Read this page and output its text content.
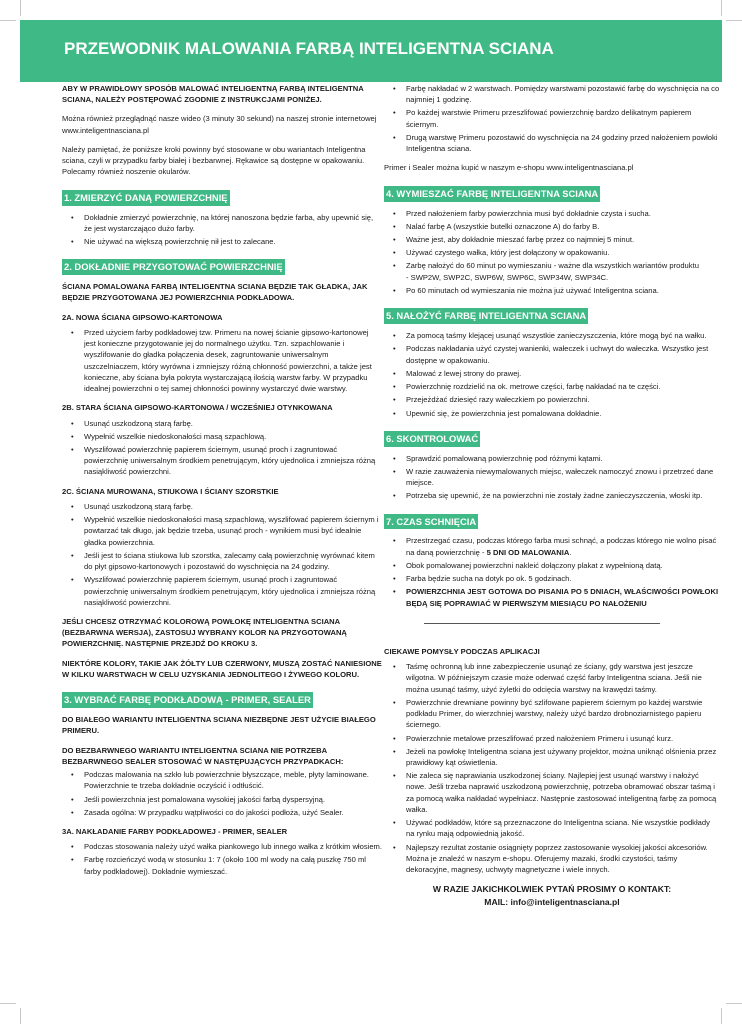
PRZEWODNIK MALOWANIA FARBĄ INTELIGENTNA SCIANA

ABY W PRAWIDŁOWY SPOSÓB MALOWAĆ INTELIGENTNĄ FARBĄ INTELIGENTNA SCIANA, NALEŻY POSTĘPOWAĆ ZGODNIE Z INSTRUKCJAMI PONIŻEJ.

Można również przeglądnąć nasze wideo (3 minuty 30 sekund) na naszej stronie internetowej www.inteligentnasciana.pl

Należy pamiętać, że poniższe kroki powinny być stosowane w obu wariantach Inteligentna sciana, czyli w przypadku farby białej i bezbarwnej. Rękawice są dostępne w opakowaniu. Polecamy również noszenie okularów.

1. ZMIERZYĆ DANĄ POWIERZCHNIĘ
• Dokładnie zmierzyć powierzchnię, na której nanoszona będzie farba, aby upewnić się, że jest wystarczająco dużo farby.
• Nie używać na większą powierzchnię nił jest to zalecane.
2. DOKŁADNIE PRZYGOTOWAĆ POWIERZCHNIĘ

ŚCIANA POMALOWANA FARBĄ INTELIGENTNA SCIANA BĘDZIE TAK GŁADKA, JAK BĘDZIE PRZYGOTOWANA JEJ POWIERZCHNIA PODKŁADOWA.

2A. NOWA ŚCIANA GIPSOWO-KARTONOWA
• Przed użyciem farby podkładowej tzw. Primeru na nowej ścianie gipsowo-kartonowej jest konieczne przygotowanie jej do normalnego użytku. Tzn. szpachlowanie i wyszlifowanie do gładka połączenia desek, zagruntowanie uniwersalnym uszczelniaczem, który wyrówna i zmniejszy różną chłonność powierzchni, a także jest konieczne, aby ściana była pokryta wystarczającą ilością warstw farby. W przypadku idealnej powierzchni o tej samej chłonności powinny wystarczyć dwie warstwy.
2B. STARA ŚCIANA GIPSOWO-KARTONOWA / WCZEŚNIEJ OTYNKOWANA
• Usunąć uszkodzoną starą farbę.
• Wypełnić wszelkie niedoskonałości masą szpachlową.
• Wyszlifować powierzchnię papierem ściernym, usunąć proch i zagruntować powierzchnię uniwersalnym środkiem penetrującym, który ujednolica i zmniejsza różną nasiąkliwość powierzchni.
2C. ŚCIANA MUROWANA, STIUKOWA I ŚCIANY SZORSTKIE
• Usunąć uszkodzoną starą farbę.
• Wypełnić wszelkie niedoskonałości masą szpachlową, wyszlifować papierem ściernym i powtarzać tak długo, jak będzie trzeba, usunąć proch - wynikiem musi być idealnie gładka powierzchnia.
• Jeśli jest to ściana stiukowa lub szorstka, zalecamy całą powierzchnię wyrównać kitem do płyt gipsowo-kartonowych i pozostawić do wyschnięcia na 24 godziny.
• Wyszlifować powierzchnię papierem ściernym, usunąć proch i zagruntować powierzchnię uniwersalnym środkiem penetrującym, który ujednolica i zmniejsza różną nasiąkliwość powierzchni.

JEŚLI CHCESZ OTRZYMAĆ KOLOROWĄ POWŁOKĘ INTELIGENTNA SCIANA (BEZBARWNA WERSJA), ZASTOSUJ WYBRANY KOLOR NA PRZYGOTOWANĄ POWIERZCHNIĘ. NASTĘPNIE PRZEJDŹ DO KROKU 3.

NIEKTÓRE KOLORY, TAKIE JAK ŻÓŁTY LUB CZERWONY, MUSZĄ ZOSTAĆ NANIESIONE W KILKU WARSTWACH W CELU UZYSKANIA JEDNOLITEGO I ŻYWEGO KOLORU.

3. WYBRAĆ FARBĘ PODKŁADOWĄ - PRIMER, SEALER

DO BIAŁEGO WARIANTU INTELIGENTNA SCIANA NIEZBĘDNE JEST UŻYCIE BIAŁEGO PRIMERU.

DO BEZBARWNEGO WARIANTU INTELIGENTNA SCIANA NIE POTRZEBA BEZBARWNEGO SEALER STOSOWAĆ W NASTĘPUJĄCYCH PRZYPADKACH:

• Podczas malowania na szkło lub powierzchnie błyszczące, meble, płyty laminowane. Powierzchnie te trzeba dokładnie oczyścić i odtłuścić.
• Jeśli powierzchnia jest pomalowana wysokiej jakości farbą dyspersyjną.
• Zasada ogólna: W przypadku wątpliwości co do jakości podłoża, użyć Sealer.
3A. NAKŁADANIE FARBY PODKŁADOWEJ - PRIMER, SEALER
• Podczas stosowania należy użyć wałka piankowego lub innego wałka z krótkim włosiem.
• Farbę rozcieńczyć wodą w stosunku 1: 7 (około 100 ml wody na całą puszkę 750 ml farby podkładowej). Dokładnie wymieszać.
• Farbę nakładać w 2 warstwach. Pomiędzy warstwami pozostawić farbę do wyschnięcia na co najmniej 1 godzinę.
• Po każdej warstwie Primeru przeszlifować powierzchnię bardzo delikatnym papierem ściernym.
• Drugą warstwę Primeru pozostawić do wyschnięcia na 24 godziny przed nałożeniem powłoki Inteligentna sciana.

Primer i Sealer można kupić w naszym e-shopu www.inteligentnasciana.pl

4. WYMIESZAĆ FARBĘ INTELIGENTNA SCIANA
• Przed nałożeniem farby powierzchnia musi być dokładnie czysta i sucha.
• Nalać farbę A (wszystkie butelki oznaczone A) do farby B.
• Ważne jest, aby dokładnie mieszać farbę przez co najmniej 5 minut.
• Używać czystego wałka, który jest dołączony w opakowaniu.
• Zarbę nałożyć do 60 minut po wymieszaniu - ważne dla wszystkich wariantów produktu
- SWP2W, SWP2C, SWP6W, SWP6C, SWP34W, SWP34C.
• Po 60 minutach od wymieszania nie można już używać Inteligentna sciana.
5. NAŁOŻYĆ FARBĘ INTELIGENTNA SCIANA
• Za pomocą taśmy klejącej usunąć wszystkie zanieczyszczenia, które mogą być na wałku.
• Podczas nakładania użyć czystej wanienki, wałeczek i uchwyt do wałeczka. Wszystko jest dostępne w opakowaniu.
• Malować z lewej strony do prawej.
• Powierzchnię rozdzielić na ok. metrowe części, farbę nakładać na te części.
• Przejeżdżać dziesięć razy wałeczkiem po powierzchni.
• Upewnić się, że powierzchnia jest pomalowana dokładnie.
6. SKONTROLOWAĆ
• Sprawdzić pomalowaną powierzchnię pod różnymi kątami.
• W razie zauważenia niewymalowanych miejsc, wałeczek namoczyć znowu i przetrzeć dane miejsce.
• Potrzeba się upewnić, że na powierzchni nie zostały żadne zanieczyszczenia, włoski itp.
7. CZAS SCHNIĘCIA
• Przestrzegać czasu, podczas którego farba musi schnąć, a podczas którego nie wolno pisać na daną powierzchnię - 5 DNI OD MALOWANIA.
• Obok pomalowanej powierzchni nakleić dołączony plakat z wypełnioną datą.
• Farba będzie sucha na dotyk po ok. 5 godzinach.
• POWIERZCHNIA JEST GOTOWA DO PISANIA PO 5 DNIACH, WŁAŚCIWOŚCI POWŁOKI BĘDĄ SIĘ POPRAWIAĆ W PIERWSZYM MIESIĄCU PO NAŁOŻENIU
CIEKAWE POMYSŁY PODCZAS APLIKACJI
• Taśmę ochronną lub inne zabezpieczenie usunąć ze ściany, gdy warstwa jest jeszcze wilgotna. W późniejszym czasie może oderwać część farby Inteligentna sciana. Jeśli nie można usunąć taśmy, użyć żyletki do odcięcia warstwy na krawędzi taśmy.
• Powierzchnie drewniane powinny być szlifowane papierem ściernym po każdej warstwie podkładu Primer, do wierzchniej warstwy, należy użyć bardzo drobnoziarnistego papieru ściernego.
• Powierzchnie metalowe przeszlifować przed nałożeniem Primeru i usunąć kurz.
• Jeżeli na powłokę Inteligentna sciana jest używany projektor, można uniknąć olśnienia przez prawidłowy kąt oświetlenia.
• Nie zaleca się naprawiania uszkodzonej ściany. Najlepiej jest usunąć warstwy i nałożyć nowe. Jeśli trzeba naprawić uszkodzoną powierzchnię, potrzeba obramować obszar taśmą i za pomocą wałka nakładać wypełniacz. Następnie zastosować inteligentną farbę za pomocą wałka.
• Używać podkładów, które są przeznaczone do Inteligentna sciana. Nie wszystkie podkłady na rynku mają odpowiednią jakość.
• Najlepszy rezultat zostanie osiągnięty poprzez zastosowanie wysokiej jakości akcesoriów. Można je znaleźć w naszym e-shopu. Oferujemy mazaki, środki czystości, taśmy dekoracyjne, magnesy, uchwyty magnetyczne i wiele innych.
W RAZIE JAKICHKOLWIEK PYTAŃ PROSIMY O KONTAKT:
MAIL: info@inteligentnasciana.pl
